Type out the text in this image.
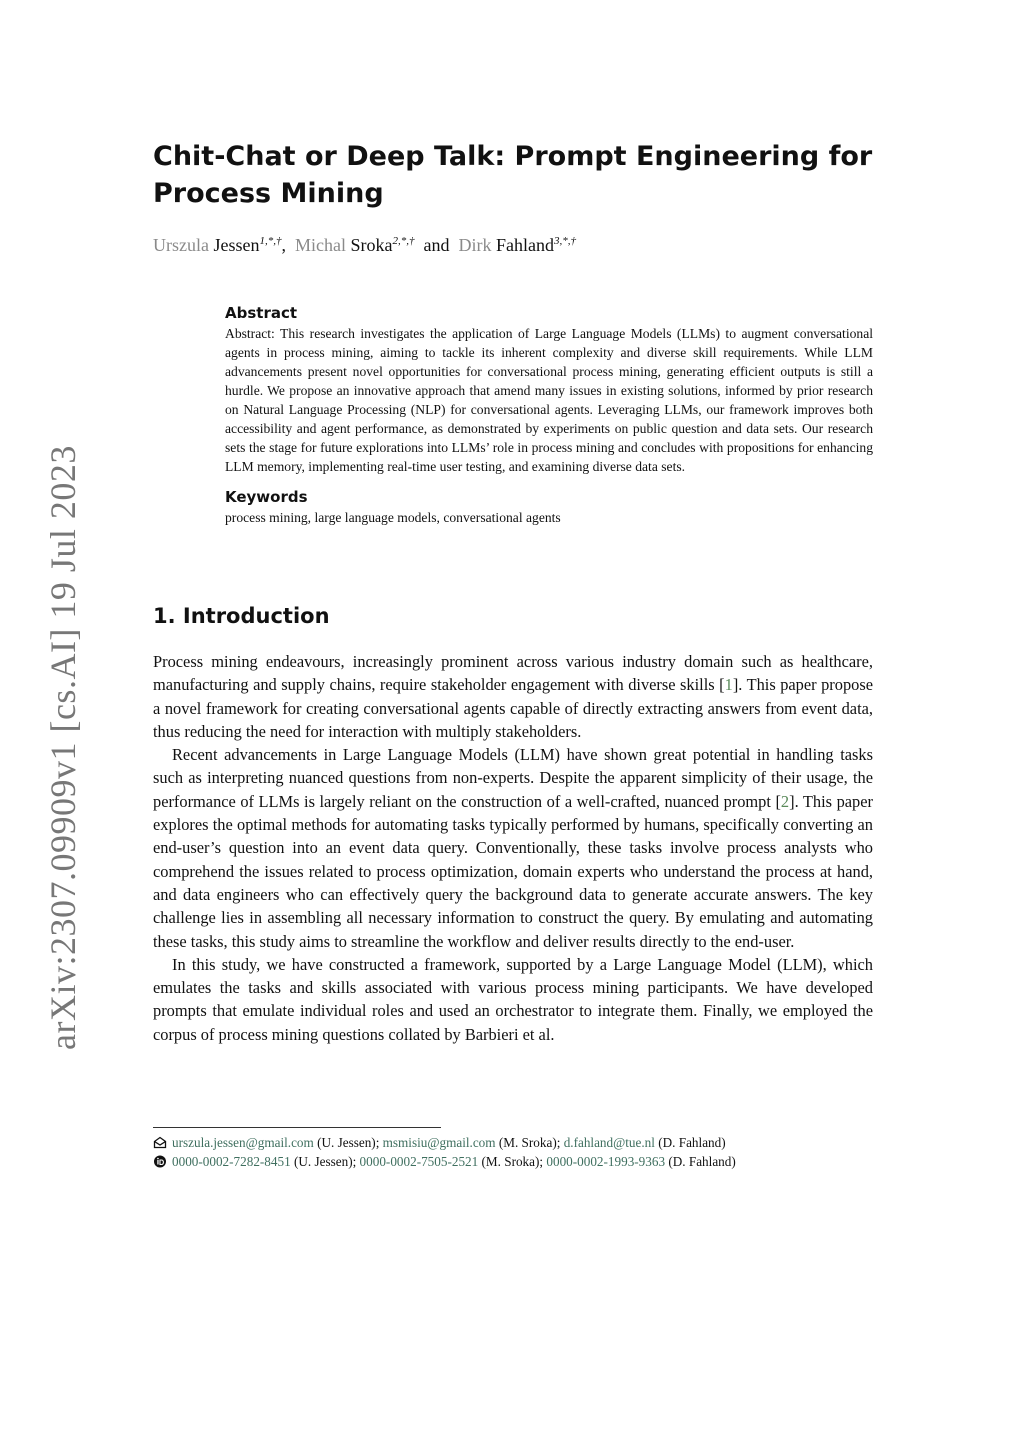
arXiv:2307.09909v1 [cs.AI] 19 Jul 2023
Chit-Chat or Deep Talk: Prompt Engineering for Process Mining
Urszula Jessen$^{1,*,\dagger}$, Michal Sroka$^{2,*,\dagger}$ and Dirk Fahland$^{3,*,\dagger}$
Abstract

Abstract: This research investigates the application of Large Language Models (LLMs) to augment conversational agents in process mining, aiming to tackle its inherent complexity and diverse skill requirements. While LLM advancements present novel opportunities for conversational process mining, generating efficient outputs is still a hurdle. We propose an innovative approach that amend many issues in existing solutions, informed by prior research on Natural Language Processing (NLP) for conversational agents. Leveraging LLMs, our framework improves both accessibility and agent performance, as demonstrated by experiments on public question and data sets. Our research sets the stage for future explorations into LLMs’ role in process mining and concludes with propositions for enhancing LLM memory, implementing real-time user testing, and examining diverse data sets.

Keywords

process mining, large language models, conversational agents

1. Introduction

Process mining endeavours, increasingly prominent across various industry domain such as healthcare, manufacturing and supply chains, require stakeholder engagement with diverse skills [1]. This paper propose a novel framework for creating conversational agents capable of directly extracting answers from event data, thus reducing the need for interaction with multiply stakeholders.

Recent advancements in Large Language Models (LLM) have shown great potential in handling tasks such as interpreting nuanced questions from non-experts. Despite the apparent simplicity of their usage, the performance of LLMs is largely reliant on the construction of a well-crafted, nuanced prompt [2]. This paper explores the optimal methods for automating tasks typically performed by humans, specifically converting an end-user’s question into an event data query. Conventionally, these tasks involve process analysts who comprehend the issues related to process optimization, domain experts who understand the process at hand, and data engineers who can effectively query the background data to generate accurate answers. The key challenge lies in assembling all necessary information to construct the query. By emulating and automating these tasks, this study aims to streamline the workflow and deliver results directly to the end-user.

In this study, we have constructed a framework, supported by a Large Language Model (LLM), which emulates the tasks and skills associated with various process mining participants. We have developed prompts that emulate individual roles and used an orchestrator to integrate them. Finally, we employed the corpus of process mining questions collated by Barbieri et al.

urszula.jessen@gmail.com (U. Jessen); msmisiu@gmail.com (M. Sroka); d.fahland@tue.nl (D. Fahland)
0000-0002-7282-8451 (U. Jessen); 0000-0002-7505-2521 (M. Sroka); 0000-0002-1993-9363 (D. Fahland)
